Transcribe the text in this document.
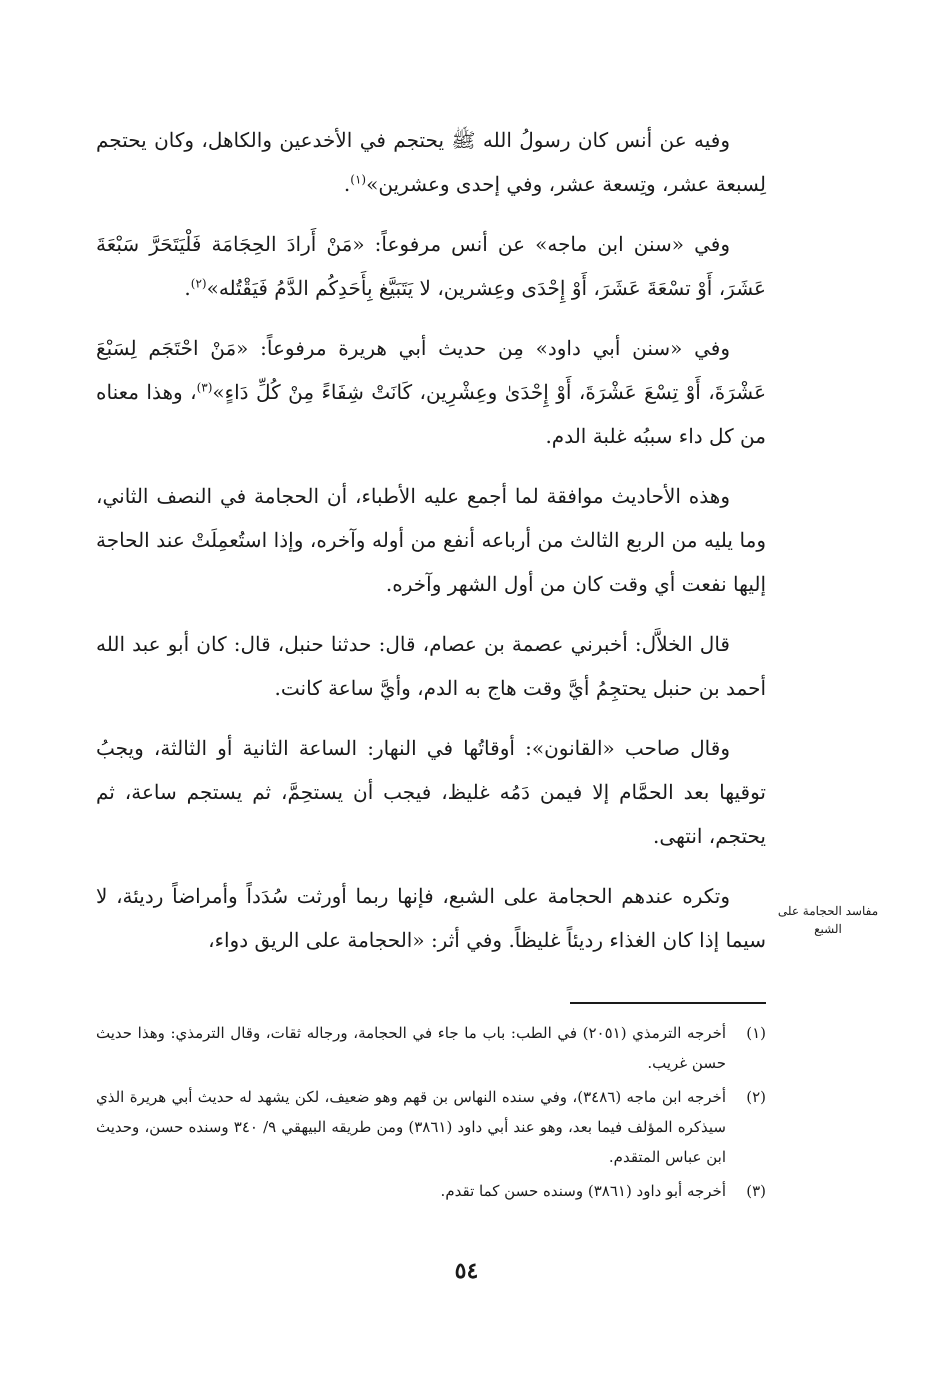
وفيه عن أنس كان رسولُ الله ﷺ يحتجم في الأخدعين والكاهل، وكان يحتجم لِسبعة عشر، وتِسعة عشر، وفي إحدى وعشرين»$^{(١)}$.

وفي «سنن ابن ماجه» عن أنس مرفوعاً: «مَنْ أَرادَ الحِجَامَة فَلْيَتَحَرَّ سَبْعَةَ عَشَرَ، أَوْ تسْعَةَ عَشَرَ، أَوْ إِحْدَى وعِشرين، لا يَتَبَيَّغ بِأَحَدِكُم الدَّمُ فَيَقْتُله»$^{(٢)}$.

وفي «سنن أبي داود» مِن حديث أبي هريرة مرفوعاً: «مَنْ احْتَجَم لِسَبْعَ عَشْرَةَ، أَوْ تِسْعَ عَشْرَةَ، أَوْ إِحْدَىٰ وعِشْرِين، كَانَتْ شِفَاءً مِنْ كُلِّ دَاءٍ»$^{(٣)}$، وهذا معناه من كل داء سببُه غلبة الدم.

وهذه الأحاديث موافقة لما أجمع عليه الأطباء، أن الحجامة في النصف الثاني، وما يليه من الربع الثالث من أرباعه أنفع من أوله وآخره، وإذا استُعمِلَتْ عند الحاجة إليها نفعت أي وقت كان من أول الشهر وآخره.

قال الخلاَّل: أخبرني عصمة بن عصام، قال: حدثنا حنبل، قال: كان أبو عبد الله أحمد بن حنبل يحتجِمُ أيَّ وقت هاج به الدم، وأيَّ ساعة كانت.

وقال صاحب «القانون»: أوقاتُها في النهار: الساعة الثانية أو الثالثة، ويجبُ توقيها بعد الحمَّام إلا فيمن دَمُه غليظ، فيجب أن يستحِمَّ، ثم يستجم ساعة، ثم يحتجم، انتهى.

وتكره عندهم الحجامة على الشبع، فإنها ربما أورثت سُدَداً وأمراضاً رديئة، لا سيما إذا كان الغذاء رديئاً غليظاً. وفي أثر: «الحجامة على الريق دواء،

مفاسد الحجامة على الشبع
(١)
أخرجه الترمذي (٢٠٥١) في الطب: باب ما جاء في الحجامة، ورجاله ثقات، وقال الترمذي: وهذا حديث حسن غريب.
(٢)
أخرجه ابن ماجه (٣٤٨٦)، وفي سنده النهاس بن قهم وهو ضعيف، لكن يشهد له حديث أبي هريرة الذي سيذكره المؤلف فيما بعد، وهو عند أبي داود (٣٨٦١) ومن طريقه البيهقي ٩/ ٣٤٠ وسنده حسن، وحديث ابن عباس المتقدم.
(٣)
أخرجه أبو داود (٣٨٦١) وسنده حسن كما تقدم.
٥٤
